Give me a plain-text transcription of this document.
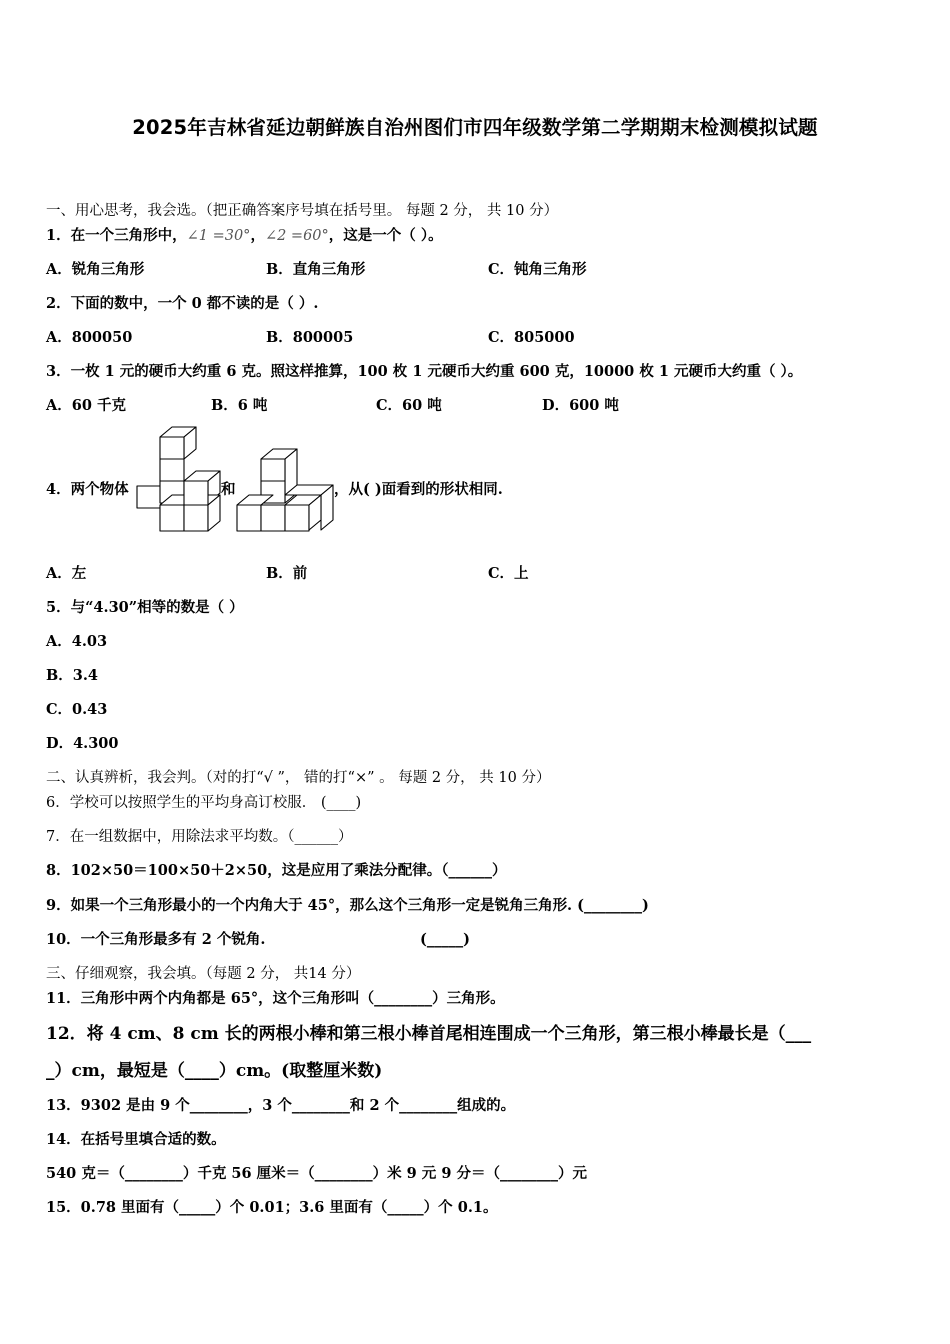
2025年吉林省延边朝鲜族自治州图们市四年级数学第二学期期末检测模拟试题
一、用心思考，我会选。（把正确答案序号填在括号里。 每题 2 分， 共 10 分）
1．在一个三角形中，∠1 =30°，∠2 =60°，这是一个（ ）。
A．锐角三角形	B．直角三角形	C．钝角三角形
2．下面的数中，一个 0 都不读的是（ ）.
A．800050	B．800005	C．805000
3．一枚 1 元的硬币大约重 6 克。照这样推算，100 枚 1 元硬币大约重 600 克，10000 枚 1 元硬币大约重（ ）。
A．60 千克	B．6 吨	C．60 吨	D．600 吨
4．两个物体	和	，从( )面看到的形状相同.
A．左	B．前	C．上
5．与“4.30”相等的数是（ ）
A．4.03
B．3.4
C．0.43
D．4.300
二、认真辨析，我会判。（对的打“√ ”， 错的打“×” 。 每题 2 分， 共 10 分）
6．学校可以按照学生的平均身高订校服． (____)
7．在一组数据中，用除法求平均数。（______）
8．102×50＝100×50＋2×50，这是应用了乘法分配律。（______）
9．如果一个三角形最小的一个内角大于 45°，那么这个三角形一定是锐角三角形. (________)
10．一个三角形最多有 2 个锐角.	(_____)
三、仔细观察，我会填。（每题 2 分， 共14 分）
11．三角形中两个内角都是 65°，这个三角形叫（________）三角形。
12．将 4 cm、8 cm 长的两根小棒和第三根小棒首尾相连围成一个三角形，第三根小棒最长是（___
_）cm，最短是（____）cm。(取整厘米数)
13．9302 是由 9 个________，3 个________和 2 个________组成的。
14．在括号里填合适的数。
540 克＝（________）千克 56 厘米＝（________）米 9 元 9 分＝（________）元
15．0.78 里面有（_____）个 0.01；3.6 里面有（_____）个 0.1。
